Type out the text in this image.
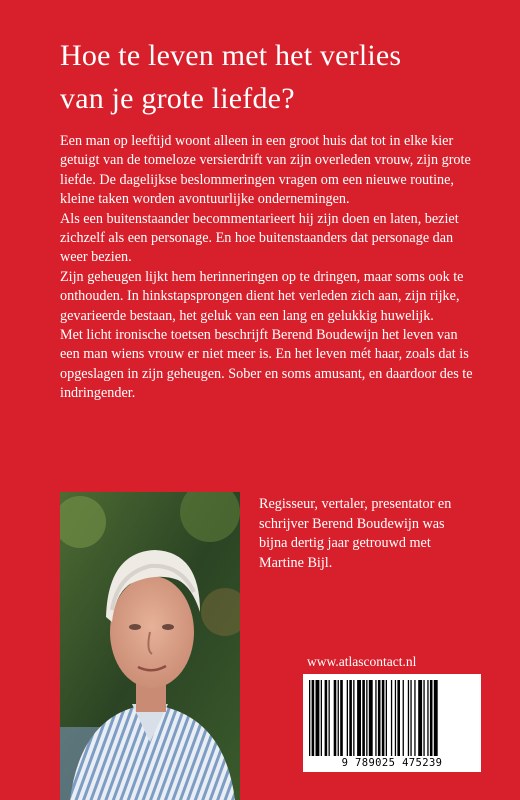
Hoe te leven met het verlies
van je grote liefde?

Een man op leeftijd woont alleen in een groot huis dat tot in elke kier getuigt van de tomeloze versierdrift van zijn overleden vrouw, zijn grote liefde. De dagelijkse beslommeringen vragen om een nieuwe routine, kleine taken worden avontuurlijke ondernemingen.

Als een buitenstaander becommentarieert hij zijn doen en laten, beziet zichzelf als een personage. En hoe buitenstaanders dat personage dan weer bezien.

Zijn geheugen lijkt hem herinneringen op te dringen, maar soms ook te onthouden. In hinkstapsprongen dient het verleden zich aan, zijn rijke, gevarieerde bestaan, het geluk van een lang en gelukkig huwelijk.

Met licht ironische toetsen beschrijft Berend Boudewijn het leven van een man wiens vrouw er niet meer is. En het leven mét haar, zoals dat is opgeslagen in zijn geheugen. Sober en soms amusant, en daardoor des te indringender.

Regisseur, vertaler, presentator en schrijver Berend Boudewijn was bijna dertig jaar getrouwd met Martine Bijl.

www.atlascontact.nl

9 789025 475239
